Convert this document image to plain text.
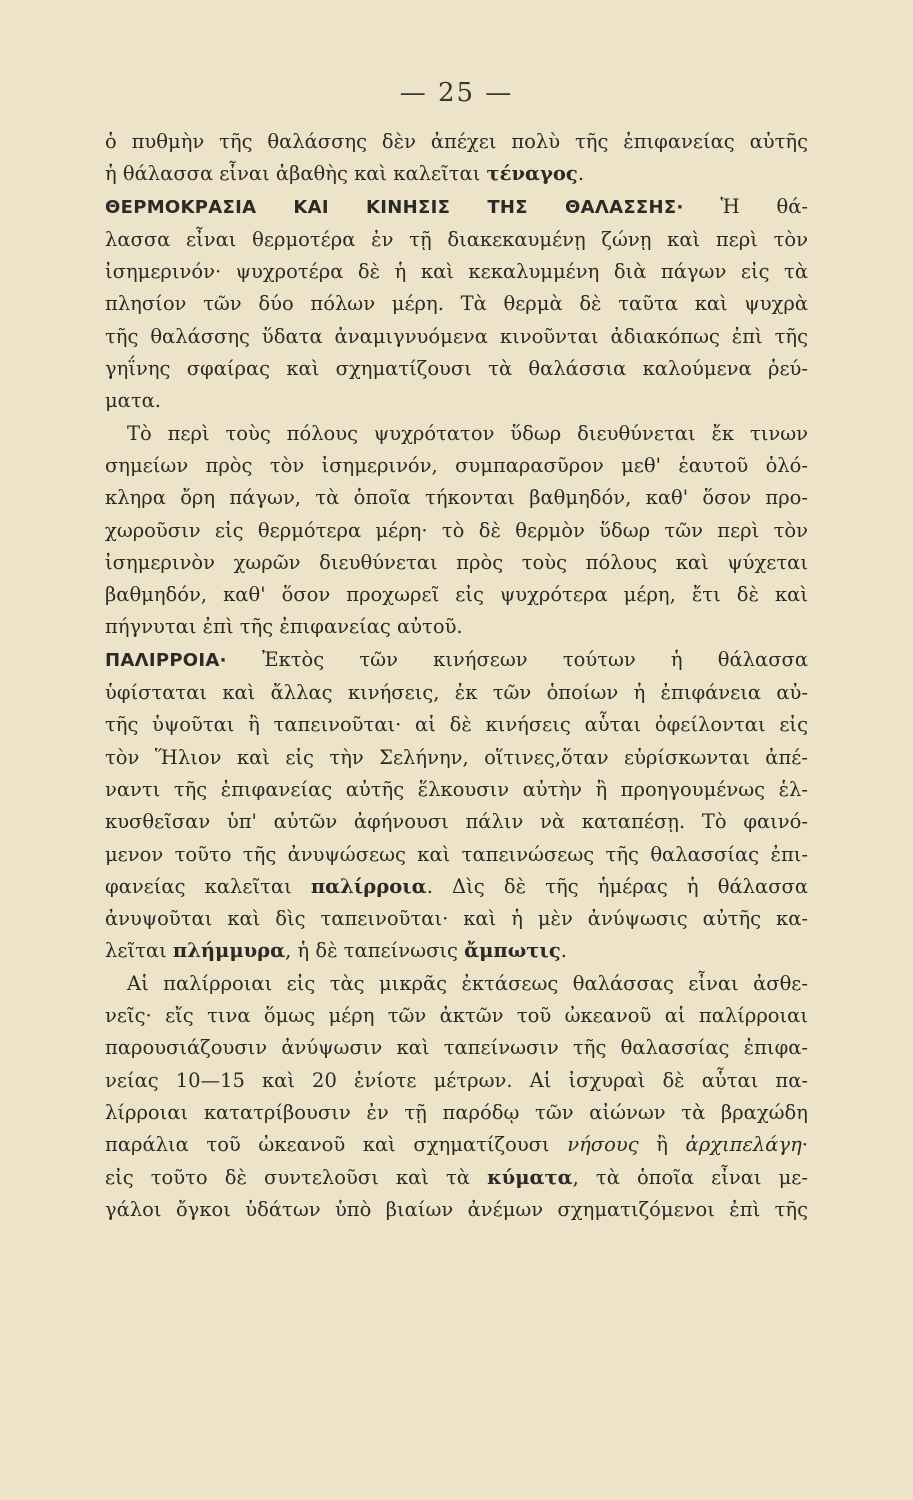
— 25 —
ὁ πυθμὴν τῆς θαλάσσης δὲν ἀπέχει πολὺ τῆς ἐπιφανείας αὐτῆς
ἡ θάλασσα εἶναι ἀβαθὴς καὶ καλεῖται τέναγος.
ΘΕΡΜΟΚΡΑΣΙΑ ΚΑΙ ΚΙΝΗΣΙΣ ΤΗΣ ΘΑΛΑΣΣΗΣ· Ἡ θά-
λασσα εἶναι θερμοτέρα ἐν τῇ διακεκαυμένῃ ζώνῃ καὶ περὶ τὸν
ἰσημερινόν· ψυχροτέρα δὲ ἡ καὶ κεκαλυμμένη διὰ πάγων εἰς τὰ
πλησίον τῶν δύο πόλων μέρη. Τὰ θερμὰ δὲ ταῦτα καὶ ψυχρὰ
τῆς θαλάσσης ὕδατα ἀναμιγνυόμενα κινοῦνται ἀδιακόπως ἐπὶ τῆς
γηΐνης σφαίρας καὶ σχηματίζουσι τὰ θαλάσσια καλούμενα ῥεύ-
ματα.
Τὸ περὶ τοὺς πόλους ψυχρότατον ὕδωρ διευθύνεται ἔκ τινων
σημείων πρὸς τὸν ἰσημερινόν, συμπαρασῦρον μεθ' ἑαυτοῦ ὁλό-
κληρα ὄρη πάγων, τὰ ὁποῖα τήκονται βαθμηδόν, καθ' ὅσον προ-
χωροῦσιν εἰς θερμότερα μέρη· τὸ δὲ θερμὸν ὕδωρ τῶν περὶ τὸν
ἰσημερινὸν χωρῶν διευθύνεται πρὸς τοὺς πόλους καὶ ψύχεται
βαθμηδόν, καθ' ὅσον προχωρεῖ εἰς ψυχρότερα μέρη, ἔτι δὲ καὶ
πήγνυται ἐπὶ τῆς ἐπιφανείας αὐτοῦ.
ΠΑΛΙΡΡΟΙΑ· Ἐκτὸς τῶν κινήσεων τούτων ἡ θάλασσα
ὑφίσταται καὶ ἄλλας κινήσεις, ἐκ τῶν ὁποίων ἡ ἐπιφάνεια αὐ-
τῆς ὑψοῦται ἢ ταπεινοῦται· αἱ δὲ κινήσεις αὗται ὀφείλονται εἰς
τὸν Ἥλιον καὶ εἰς τὴν Σελήνην, οἵτινες,ὅταν εὑρίσκωνται ἀπέ-
ναντι τῆς ἐπιφανείας αὐτῆς ἕλκουσιν αὐτὴν ἢ προηγουμένως ἑλ-
κυσθεῖσαν ὑπ' αὐτῶν ἀφήνουσι πάλιν νὰ καταπέσῃ. Τὸ φαινό-
μενον τοῦτο τῆς ἀνυψώσεως καὶ ταπεινώσεως τῆς θαλασσίας ἐπι-
φανείας καλεῖται παλίρροια. Δὶς δὲ τῆς ἡμέρας ἡ θάλασσα
ἀνυψοῦται καὶ δὶς ταπεινοῦται· καὶ ἡ μὲν ἀνύψωσις αὐτῆς κα-
λεῖται πλήμμυρα, ἡ δὲ ταπείνωσις ἄμπωτις.
Αἱ παλίρροιαι εἰς τὰς μικρᾶς ἐκτάσεως θαλάσσας εἶναι ἀσθε-
νεῖς· εἴς τινα ὅμως μέρη τῶν ἀκτῶν τοῦ ὠκεανοῦ αἱ παλίρροιαι
παρουσιάζουσιν ἀνύψωσιν καὶ ταπείνωσιν τῆς θαλασσίας ἐπιφα-
νείας 10—15 καὶ 20 ἐνίοτε μέτρων. Αἱ ἰσχυραὶ δὲ αὗται πα-
λίρροιαι κατατρίβουσιν ἐν τῇ παρόδῳ τῶν αἰώνων τὰ βραχώδη
παράλια τοῦ ὠκεανοῦ καὶ σχηματίζουσι νήσους ἢ ἀρχιπελάγη·
εἰς τοῦτο δὲ συντελοῦσι καὶ τὰ κύματα, τὰ ὁποῖα εἶναι με-
γάλοι ὄγκοι ὑδάτων ὑπὸ βιαίων ἀνέμων σχηματιζόμενοι ἐπὶ τῆς
